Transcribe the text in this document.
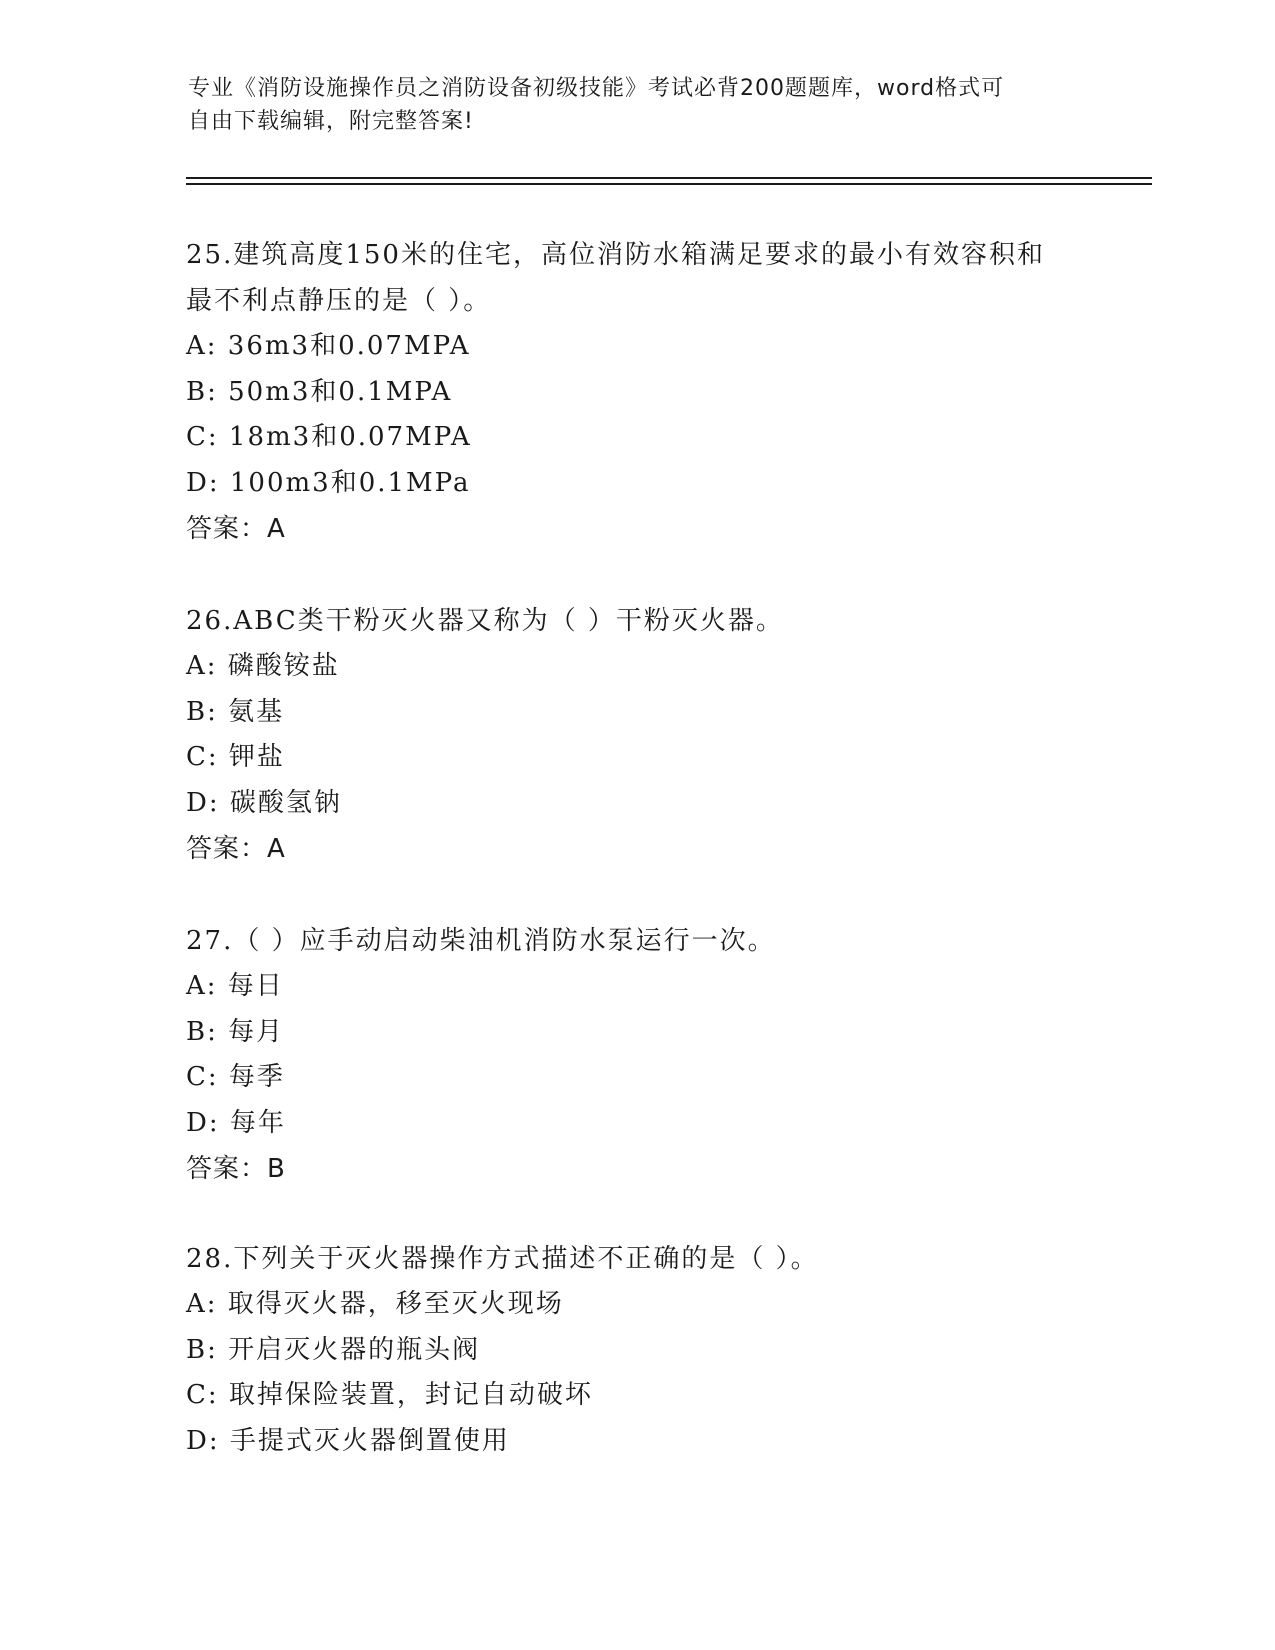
专业《消防设施操作员之消防设备初级技能》考试必背200题题库，word格式可
自由下载编辑，附完整答案!

25.建筑高度150米的住宅，高位消防水箱满足要求的最小有效容积和

最不利点静压的是（ ）。

A: 36m3和0.07MPA

B: 50m3和0.1MPA

C: 18m3和0.07MPA

D: 100m3和0.1MPa

答案：A

26.ABC类干粉灭火器又称为（ ）干粉灭火器。

A: 磷酸铵盐

B: 氨基

C: 钾盐

D: 碳酸氢钠

答案：A

27.（ ）应手动启动柴油机消防水泵运行一次。

A: 每日

B: 每月

C: 每季

D: 每年

答案：B

28.下列关于灭火器操作方式描述不正确的是（ ）。

A: 取得灭火器，移至灭火现场

B: 开启灭火器的瓶头阀

C: 取掉保险装置，封记自动破坏

D: 手提式灭火器倒置使用
